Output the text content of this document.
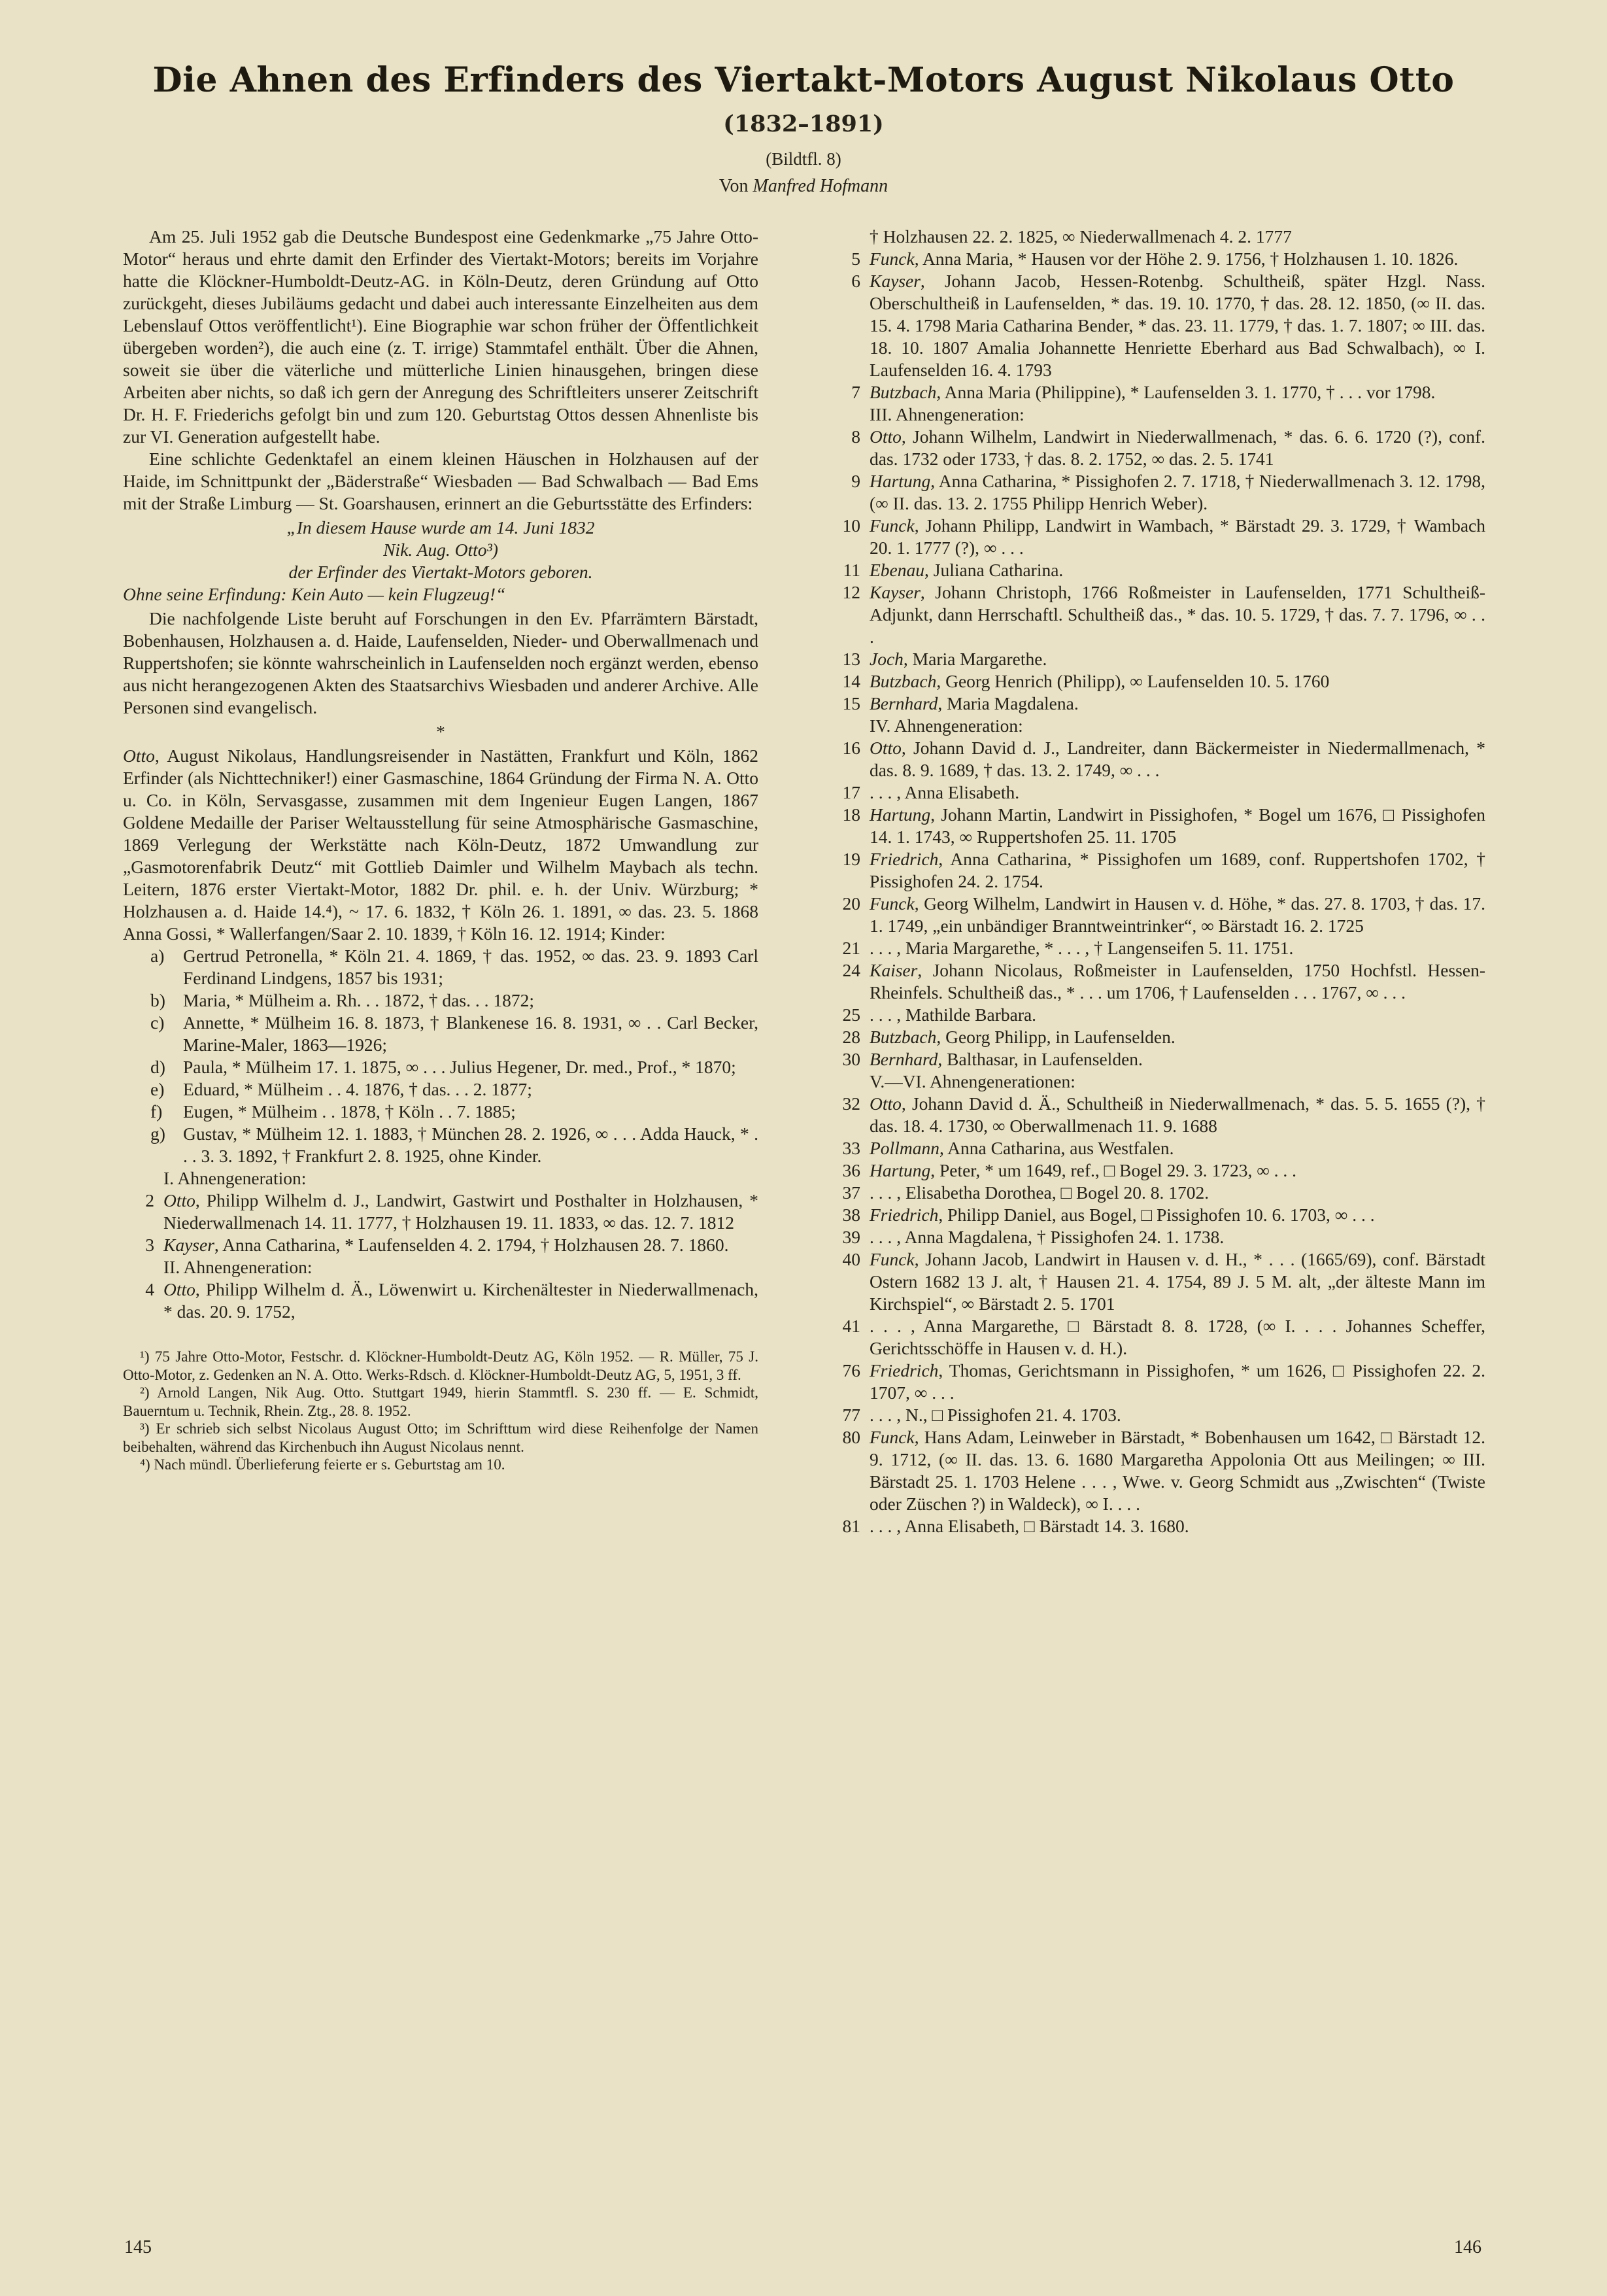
Die Ahnen des Erfinders des Viertakt-Motors August Nikolaus Otto
(1832–1891)
(Bildtfl. 8)
Von Manfred Hofmann

Am 25. Juli 1952 gab die Deutsche Bundespost eine Gedenkmarke „75 Jahre Otto-Motor“ heraus und ehrte damit den Erfinder des Viertakt-Motors; bereits im Vorjahre hatte die Klöckner-Humboldt-Deutz-AG. in Köln-Deutz, deren Gründung auf Otto zurückgeht, dieses Jubiläums gedacht und dabei auch interessante Einzelheiten aus dem Lebenslauf Ottos veröffentlicht¹). Eine Biographie war schon früher der Öffentlichkeit übergeben worden²), die auch eine (z. T. irrige) Stammtafel enthält. Über die Ahnen, soweit sie über die väterliche und mütterliche Linien hinausgehen, bringen diese Arbeiten aber nichts, so daß ich gern der Anregung des Schriftleiters unserer Zeitschrift Dr. H. F. Friederichs gefolgt bin und zum 120. Geburtstag Ottos dessen Ahnenliste bis zur VI. Generation aufgestellt habe.

Eine schlichte Gedenktafel an einem kleinen Häuschen in Holzhausen auf der Haide, im Schnittpunkt der „Bäderstraße“ Wiesbaden — Bad Schwalbach — Bad Ems mit der Straße Limburg — St. Goarshausen, erinnert an die Geburtsstätte des Erfinders:

„In diesem Hause wurde am 14. Juni 1832
Nik. Aug. Otto³)
der Erfinder des Viertakt-Motors geboren.
Ohne seine Erfindung: Kein Auto — kein Flugzeug!“

Die nachfolgende Liste beruht auf Forschungen in den Ev. Pfarrämtern Bärstadt, Bobenhausen, Holzhausen a. d. Haide, Laufenselden, Nieder- und Oberwallmenach und Ruppertshofen; sie könnte wahrscheinlich in Laufenselden noch ergänzt werden, ebenso aus nicht herangezogenen Akten des Staatsarchivs Wiesbaden und anderer Archive. Alle Personen sind evangelisch.

*

Otto, August Nikolaus, Handlungsreisender in Nastätten, Frankfurt und Köln, 1862 Erfinder (als Nichttechniker!) einer Gasmaschine, 1864 Gründung der Firma N. A. Otto u. Co. in Köln, Servasgasse, zusammen mit dem Ingenieur Eugen Langen, 1867 Goldene Medaille der Pariser Weltausstellung für seine Atmosphärische Gasmaschine, 1869 Verlegung der Werkstätte nach Köln-Deutz, 1872 Umwandlung zur „Gasmotorenfabrik Deutz“ mit Gottlieb Daimler und Wilhelm Maybach als techn. Leitern, 1876 erster Viertakt-Motor, 1882 Dr. phil. e. h. der Univ. Würzburg; * Holzhausen a. d. Haide 14.⁴), ~ 17. 6. 1832, † Köln 26. 1. 1891, ∞ das. 23. 5. 1868 Anna Gossi, * Wallerfangen/Saar 2. 10. 1839, † Köln 16. 12. 1914; Kinder:

a)	Gertrud Petronella, * Köln 21. 4. 1869, † das. 1952, ∞ das. 23. 9. 1893 Carl Ferdinand Lindgens, 1857 bis 1931;
b) Maria, * Mülheim a. Rh. . . 1872, † das. . . 1872;
c)	Annette, * Mülheim 16. 8. 1873, † Blankenese 16. 8. 1931, ∞ . . Carl Becker, Marine-Maler, 1863—1926;
d) Paula, * Mülheim 17. 1. 1875, ∞ . . . Julius Hegener, Dr. med., Prof., * 1870;
e)	Eduard, * Mülheim . . 4. 1876, † das. . . 2. 1877;
f)	Eugen, * Mülheim . . 1878, † Köln . . 7. 1885;
g) Gustav, * Mülheim 12. 1. 1883, † München 28. 2. 1926, ∞ . . . Adda Hauck, * . . . 3. 3. 1892, † Frankfurt 2. 8. 1925, ohne Kinder.
I. Ahnengeneration:
2 Otto, Philipp Wilhelm d. J., Landwirt, Gastwirt und Posthalter in Holzhausen, * Niederwallmenach 14. 11. 1777, † Holzhausen 19. 11. 1833, ∞ das. 12. 7. 1812
3 Kayser, Anna Catharina, * Laufenselden 4. 2. 1794, † Holzhausen 28. 7. 1860.
II. Ahnengeneration:
4 Otto, Philipp Wilhelm d. Ä., Löwenwirt u. Kirchenältester in Niederwallmenach, * das. 20. 9. 1752,

¹) 75 Jahre Otto-Motor, Festschr. d. Klöckner-Humboldt-Deutz AG, Köln 1952. — R. Müller, 75 J. Otto-Motor, z. Gedenken an N. A. Otto. Werks-Rdsch. d. Klöckner-Humboldt-Deutz AG, 5, 1951, 3 ff.

²) Arnold Langen, Nik Aug. Otto. Stuttgart 1949, hierin Stammtfl. S. 230 ff. — E. Schmidt, Bauerntum u. Technik, Rhein. Ztg., 28. 8. 1952.

³) Er schrieb sich selbst Nicolaus August Otto; im Schrifttum wird diese Reihenfolge der Namen beibehalten, während das Kirchenbuch ihn August Nicolaus nennt.

⁴) Nach mündl. Überlieferung feierte er s. Geburtstag am 10.

† Holzhausen 22. 2. 1825, ∞ Niederwallmenach 4. 2. 1777
5 Funck, Anna Maria, * Hausen vor der Höhe 2. 9. 1756, † Holzhausen 1. 10. 1826.
6 Kayser, Johann Jacob, Hessen-Rotenbg. Schultheiß, später Hzgl. Nass. Oberschultheiß in Laufenselden, * das. 19. 10. 1770, † das. 28. 12. 1850, (∞ II. das. 15. 4. 1798 Maria Catharina Bender, * das. 23. 11. 1779, † das. 1. 7. 1807; ∞ III. das. 18. 10. 1807 Amalia Johannette Henriette Eberhard aus Bad Schwalbach), ∞ I. Laufenselden 16. 4. 1793
7 Butzbach, Anna Maria (Philippine), * Laufenselden 3. 1. 1770, † . . . vor 1798.
III. Ahnengeneration:
8 Otto, Johann Wilhelm, Landwirt in Niederwallmenach, * das. 6. 6. 1720 (?), conf. das. 1732 oder 1733, † das. 8. 2. 1752, ∞ das. 2. 5. 1741
9 Hartung, Anna Catharina, * Pissighofen 2. 7. 1718, † Niederwallmenach 3. 12. 1798, (∞ II. das. 13. 2. 1755 Philipp Henrich Weber).
10 Funck, Johann Philipp, Landwirt in Wambach, * Bärstadt 29. 3. 1729, † Wambach 20. 1. 1777 (?), ∞ . . .
11 Ebenau, Juliana Catharina.
12 Kayser, Johann Christoph, 1766 Roßmeister in Laufenselden, 1771 Schultheiß-Adjunkt, dann Herrschaftl. Schultheiß das., * das. 10. 5. 1729, † das. 7. 7. 1796, ∞ . . .
13 Joch, Maria Margarethe.
14 Butzbach, Georg Henrich (Philipp), ∞ Laufenselden 10. 5. 1760
15 Bernhard, Maria Magdalena.
IV. Ahnengeneration:
16 Otto, Johann David d. J., Landreiter, dann Bäckermeister in Niedermallmenach, * das. 8. 9. 1689, † das. 13. 2. 1749, ∞ . . .
17 . . . , Anna Elisabeth.
18 Hartung, Johann Martin, Landwirt in Pissighofen, * Bogel um 1676, □ Pissighofen 14. 1. 1743, ∞ Ruppertshofen 25. 11. 1705
19 Friedrich, Anna Catharina, * Pissighofen um 1689, conf. Ruppertshofen 1702, † Pissighofen 24. 2. 1754.
20 Funck, Georg Wilhelm, Landwirt in Hausen v. d. Höhe, * das. 27. 8. 1703, † das. 17. 1. 1749, „ein unbändiger Branntweintrinker“, ∞ Bärstadt 16. 2. 1725
21 . . . , Maria Margarethe, * . . . , † Langenseifen 5. 11. 1751.
24 Kaiser, Johann Nicolaus, Roßmeister in Laufenselden, 1750 Hochfstl. Hessen-Rheinfels. Schultheiß das., * . . . um 1706, † Laufenselden . . . 1767, ∞ . . .
25 . . . , Mathilde Barbara.
28 Butzbach, Georg Philipp, in Laufenselden.
30 Bernhard, Balthasar, in Laufenselden.
V.—VI. Ahnengenerationen:
32 Otto, Johann David d. Ä., Schultheiß in Niederwallmenach, * das. 5. 5. 1655 (?), † das. 18. 4. 1730, ∞ Oberwallmenach 11. 9. 1688
33 Pollmann, Anna Catharina, aus Westfalen.
36 Hartung, Peter, * um 1649, ref., □ Bogel 29. 3. 1723, ∞ . . .
37 . . . , Elisabetha Dorothea, □ Bogel 20. 8. 1702.
38 Friedrich, Philipp Daniel, aus Bogel, □ Pissighofen 10. 6. 1703, ∞ . . .
39 . . . , Anna Magdalena, † Pissighofen 24. 1. 1738.
40 Funck, Johann Jacob, Landwirt in Hausen v. d. H., * . . . (1665/69), conf. Bärstadt Ostern 1682 13 J. alt, † Hausen 21. 4. 1754, 89 J. 5 M. alt, „der älteste Mann im Kirchspiel“, ∞ Bärstadt 2. 5. 1701
41 . . . , Anna Margarethe, □ Bärstadt 8. 8. 1728, (∞ I. . . . Johannes Scheffer, Gerichtsschöffe in Hausen v. d. H.).
76 Friedrich, Thomas, Gerichtsmann in Pissighofen, * um 1626, □ Pissighofen 22. 2. 1707, ∞ . . .
77 . . . , N., □ Pissighofen 21. 4. 1703.
80 Funck, Hans Adam, Leinweber in Bärstadt, * Bobenhausen um 1642, □ Bärstadt 12. 9. 1712, (∞ II. das. 13. 6. 1680 Margaretha Appolonia Ott aus Meilingen; ∞ III. Bärstadt 25. 1. 1703 Helene . . . , Wwe. v. Georg Schmidt aus „Zwischten“ (Twiste oder Züschen ?) in Waldeck), ∞ I. . . .
81 . . . , Anna Elisabeth, □ Bärstadt 14. 3. 1680.
145	146
